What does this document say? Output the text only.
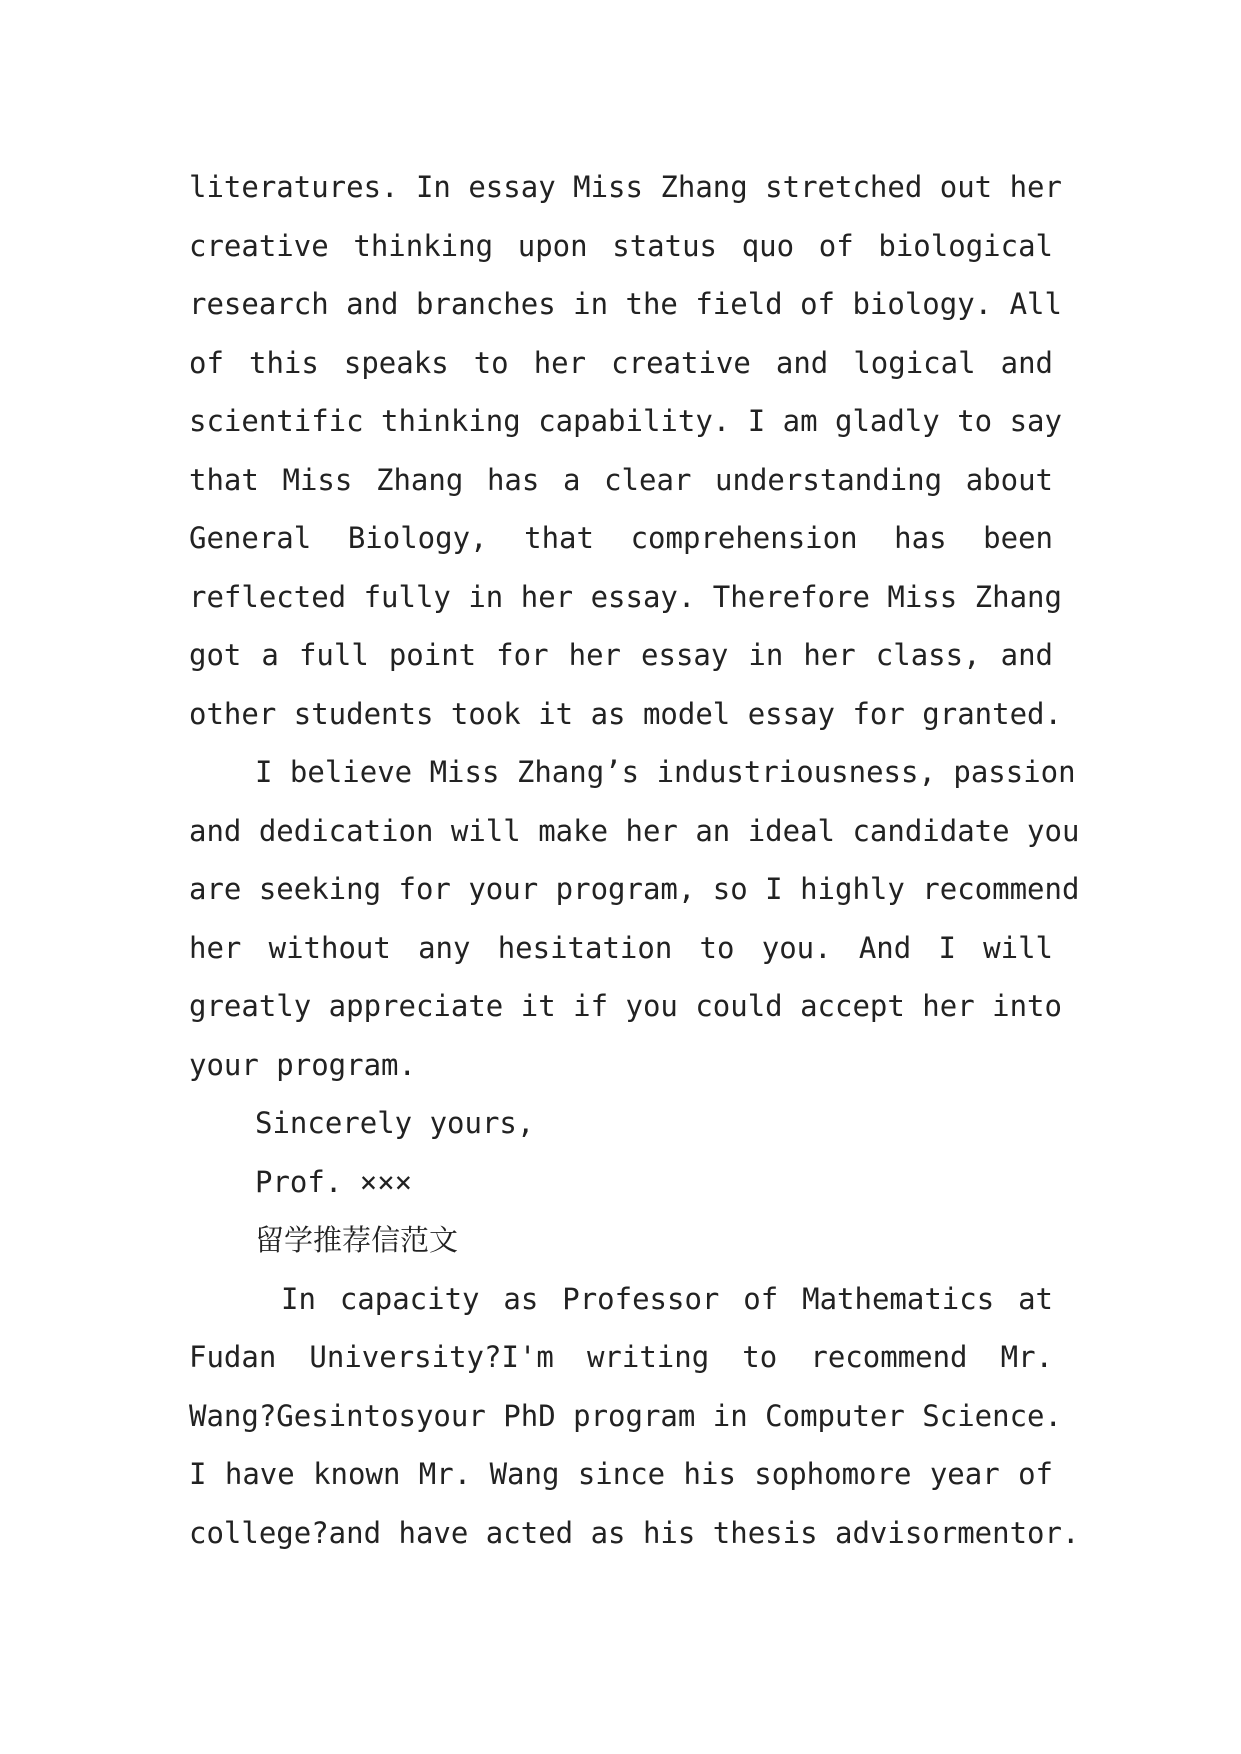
literatures. In essay Miss Zhang stretched out her
creative thinking upon status quo of biological
research and branches in the field of biology. All
of this speaks to her creative and logical and
scientific thinking capability. I am gladly to say
that Miss Zhang has a clear understanding about
General Biology, that comprehension has been
reflected fully in her essay. Therefore Miss Zhang
got a full point for her essay in her class, and
other students took it as model essay for granted.
I believe Miss Zhang’s industriousness, passion
and dedication will make her an ideal candidate you
are seeking for your program, so I highly recommend
her without any hesitation to you. And I will
greatly appreciate it if you could accept her into
your program.
Sincerely yours,
Prof. ×××
留学推荐信范文
In capacity as Professor of Mathematics at
Fudan University?I'm writing to recommend Mr.
Wang?Gesintosyour PhD program in Computer Science.
I have known Mr. Wang since his sophomore year of
college?and have acted as his thesis advisormentor.
